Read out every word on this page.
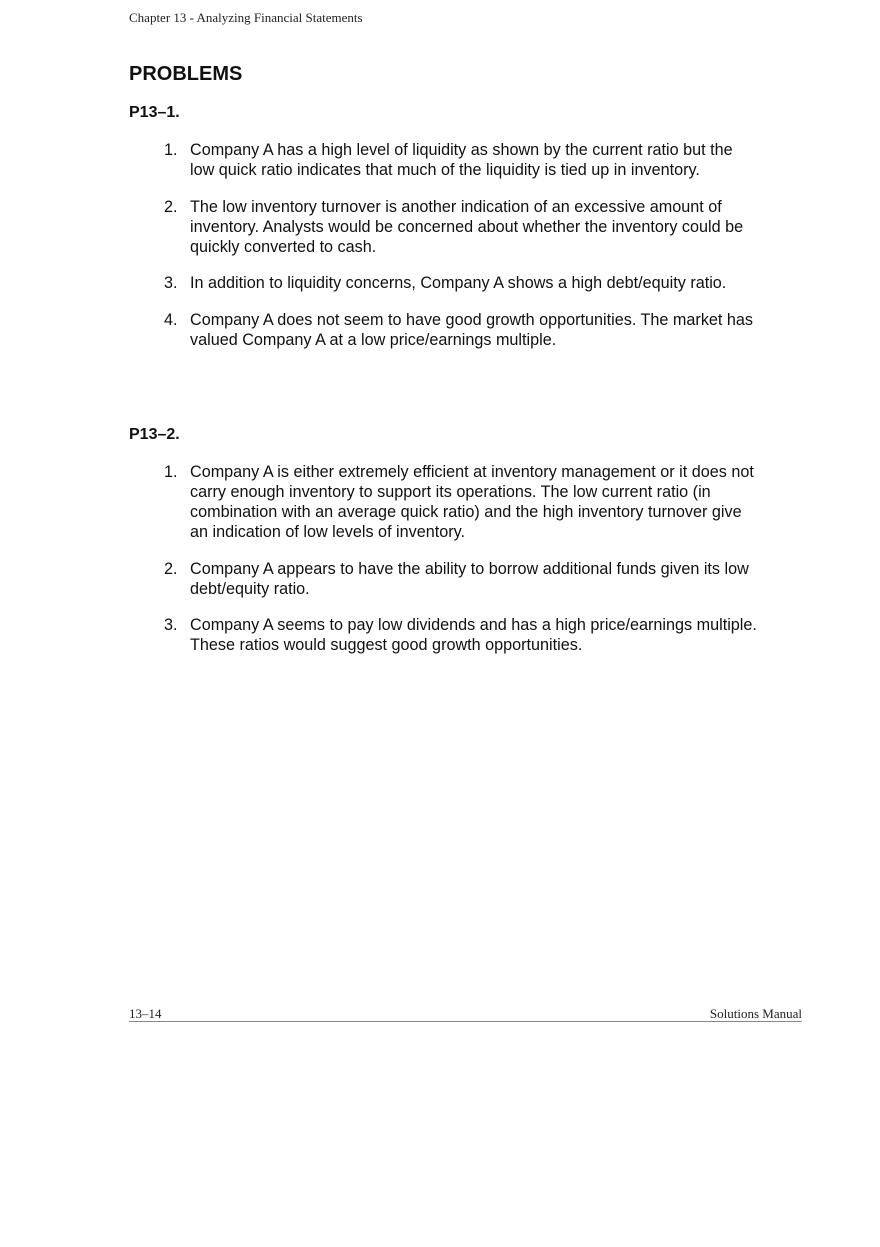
Chapter 13 - Analyzing Financial Statements
PROBLEMS
P13–1.
1. Company A has a high level of liquidity as shown by the current ratio but the low quick ratio indicates that much of the liquidity is tied up in inventory.
2. The low inventory turnover is another indication of an excessive amount of inventory. Analysts would be concerned about whether the inventory could be quickly converted to cash.
3. In addition to liquidity concerns, Company A shows a high debt/equity ratio.
4. Company A does not seem to have good growth opportunities. The market has valued Company A at a low price/earnings multiple.
P13–2.
1. Company A is either extremely efficient at inventory management or it does not carry enough inventory to support its operations. The low current ratio (in combination with an average quick ratio) and the high inventory turnover give an indication of low levels of inventory.
2. Company A appears to have the ability to borrow additional funds given its low debt/equity ratio.
3. Company A seems to pay low dividends and has a high price/earnings multiple. These ratios would suggest good growth opportunities.
13–14	Solutions Manual
